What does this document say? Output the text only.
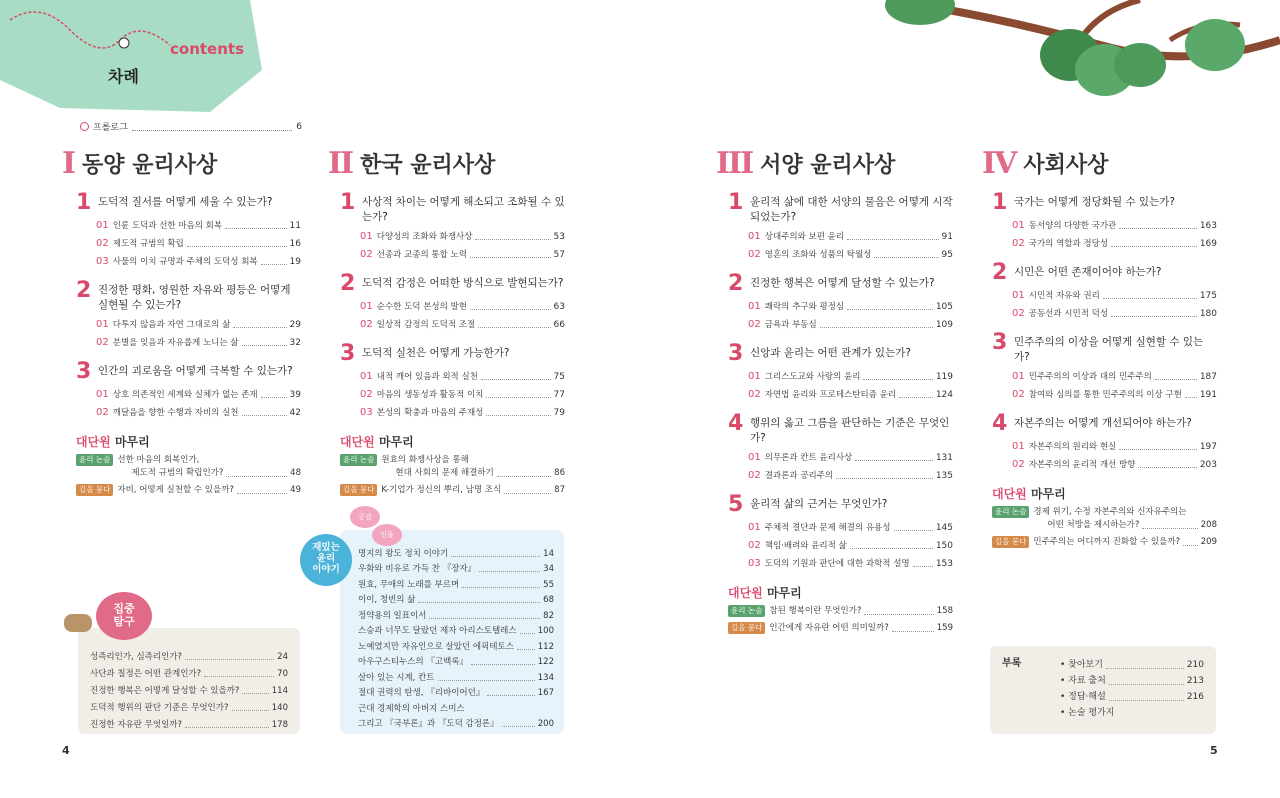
contents
차례
프롤로그	6
I 동양 윤리사상	II 한국 윤리사상	III 서양 윤리사상	IV 사회사상
1 도덕적 질서를 어떻게 세울 수 있는가?
01 인륜 도덕과 선한 마음의 회복	11
02 제도적 규범의 확립	16
03 사물의 이치 규명과 주체의 도덕성 회복	19
2 진정한 평화, 영원한 자유와 평등은 어떻게 실현될 수 있는가?
01 다투지 않음과 자연 그대로의 삶	29
02 분별을 잊음과 자유롭게 노니는 삶	32
3 인간의 괴로움을 어떻게 극복할 수 있는가?
01 상호 의존적인 세계와 실체가 없는 존재	39
02 깨달음을 향한 수행과 자비의 실천	42
대단원 마무리
윤리 논술 선한 마음의 회복인가,
제도적 규범의 확립인가?	48
길을 묻다 자비, 어떻게 실천할 수 있을까?	49
1 사상적 차이는 어떻게 해소되고 조화될 수 있는가?
01 다양성의 조화와 화쟁사상	53
02 선종과 교종의 통합 노력	57
2 도덕적 감정은 어떠한 방식으로 발현되는가?
01 순수한 도덕 본성의 발현	63
02 일상적 감정의 도덕적 조절	66
3 도덕적 실천은 어떻게 가능한가?
01 내적 깨어 있음과 외적 실천	75
02 마음의 생동성과 활동적 이치	77
03 본성의 확충과 마음의 주재성	79
대단원 마무리
윤리 논술 원효의 화쟁사상을 통해
현대 사회의 문제 해결하기	86
길을 묻다 K-기업가 정신의 뿌리, 남명 조식	87
1 윤리적 삶에 대한 서양의 물음은 어떻게 시작되었는가?
01 상대주의와 보편 윤리	91
02 영혼의 조화와 성품의 탁월성	95
2 진정한 행복은 어떻게 달성할 수 있는가?
01 쾌락의 추구와 평정심	105
02 금욕과 부동심	109
3 신앙과 윤리는 어떤 관계가 있는가?
01 그리스도교와 사랑의 윤리	119
02 자연법 윤리와 프로테스탄티즘 윤리	124
4 행위의 옳고 그름을 판단하는 기준은 무엇인가?
01 의무론과 칸트 윤리사상	131
02 결과론과 공리주의	135
5 윤리적 삶의 근거는 무엇인가?
01 주체적 결단과 문제 해결의 유용성	145
02 책임·배려와 윤리적 삶	150
03 도덕의 기원과 판단에 대한 과학적 설명	153
대단원 마무리
윤리 논술 참된 행복이란 무엇인가?	158
길을 묻다 인간에게 자유란 어떤 의미일까?	159
1 국가는 어떻게 정당화될 수 있는가?
01 동서양의 다양한 국가관	163
02 국가의 역할과 정당성	169
2 시민은 어떤 존재이어야 하는가?
01 시민적 자유와 권리	175
02 공동선과 시민적 덕성	180
3 민주주의의 이상을 어떻게 실현할 수 있는가?
01 민주주의의 이상과 대의 민주주의	187
02 참여와 심의를 통한 민주주의의 이상 구현 191
4 자본주의는 어떻게 개선되어야 하는가?
01 자본주의의 원리와 현실	197
02 자본주의의 윤리적 개선 방향	203
대단원 마무리
윤리 논술 경제 위기, 수정 자본주의와 신자유주의는
어떤 처방을 제시하는가?	208
길을 묻다 민주주의는 어디까지 진화할 수 있을까? 209
성즉리인가, 심즉리인가?	24
사단과 칠정은 어떤 관계인가?	70
진정한 행복은 어떻게 달성할 수 있을까?	114
도덕적 행위의 판단 기준은 무엇인가?	140
진정한 자유란 무엇일까?	178
집중
탐구
명지의 왕도 정치 이야기	14
우화와 비유로 가득 찬 『장자』	34
원효, 무애의 노래를 부르며	55
이이, 청빈의 삶	68
정약용의 일표이서	82
스승과 너무도 달랐던 제자 아리스토텔레스 100
노예였지만 자유인으로 살았던 에픽테토스	112
아우구스티누스의 『고백록』	122
살아 있는 시계, 칸트	134
절대 권력의 탄생, 『리바이어던』	167
근대 경제학의 아버지 스미스
그리고 『국부론』과 『도덕 감정론』	200
재밌는
윤리
이야기
공감
인물
• 찾아보기	210
• 자료 출처	213
• 정답·해설	216
• 논술 평가지
부록
4	5
